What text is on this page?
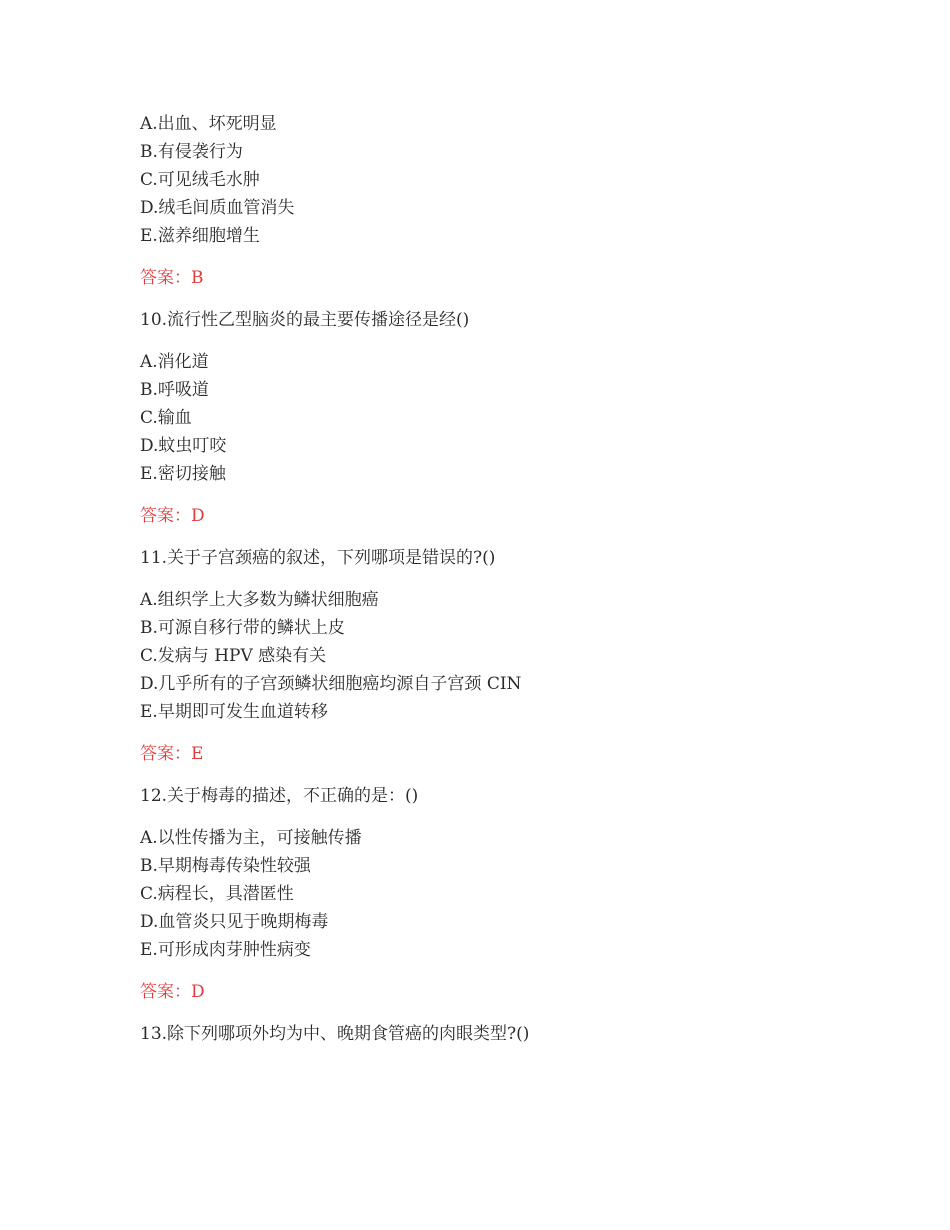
A.出血、坏死明显
B.有侵袭行为
C.可见绒毛水肿
D.绒毛间质血管消失
E.滋养细胞增生
答案：B
10.流行性乙型脑炎的最主要传播途径是经()
A.消化道
B.呼吸道
C.输血
D.蚊虫叮咬
E.密切接触
答案：D
11.关于子宫颈癌的叙述，下列哪项是错误的?()
A.组织学上大多数为鳞状细胞癌
B.可源自移行带的鳞状上皮
C.发病与 HPV 感染有关
D.几乎所有的子宫颈鳞状细胞癌均源自子宫颈 CIN
E.早期即可发生血道转移
答案：E
12.关于梅毒的描述，不正确的是：()
A.以性传播为主，可接触传播
B.早期梅毒传染性较强
C.病程长，具潜匿性
D.血管炎只见于晚期梅毒
E.可形成肉芽肿性病变
答案：D
13.除下列哪项外均为中、晚期食管癌的肉眼类型?()
